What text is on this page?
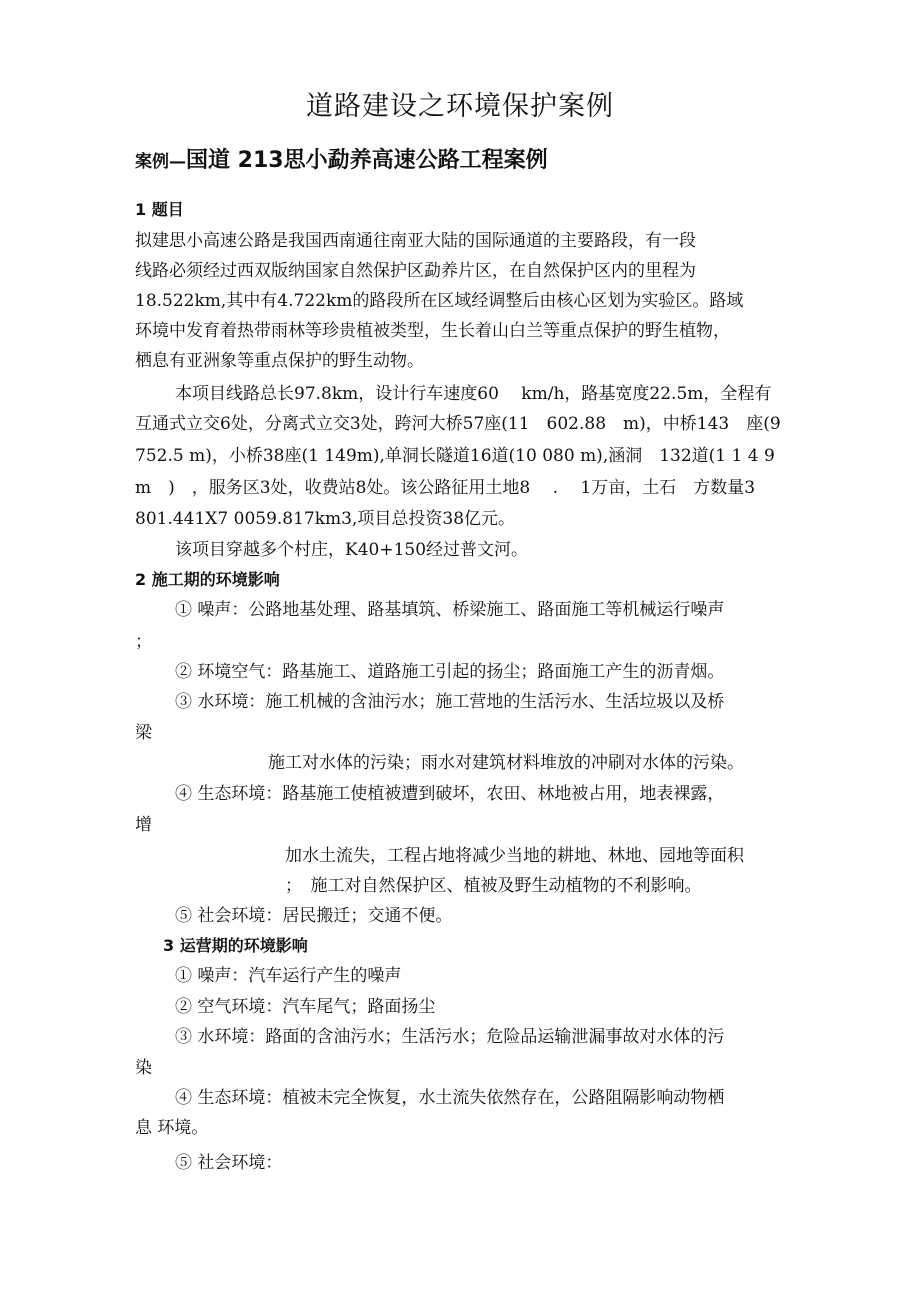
道路建设之环境保护案例
案例—国道 213思小勐养高速公路工程案例
1 题目
拟建思小高速公路是我国西南通往南亚大陆的国际通道的主要路段，有一段
线路必须经过西双版纳国家自然保护区勐养片区，在自然保护区内的里程为
18.522km,其中有4.722km的路段所在区域经调整后由核心区划为实验区。路域
环境中发育着热带雨林等珍贵植被类型，生长着山白兰等重点保护的野生植物，
栖息有亚洲象等重点保护的野生动物。
本项目线路总长97.8km，设计行车速度60　 km/h，路基宽度22.5m，全程有
互通式立交6处，分离式立交3处，跨河大桥57座(11　602.88　m)，中桥143　座(9
752.5 m)，小桥38座(1 149m),单洞长隧道16道(10 080 m),涵洞　132道(1 1 4 9
m　)　，服务区3处，收费站8处。该公路征用土地8　 .　 1万亩，土石　方数量3
801.441X7 0059.817km3,项目总投资38亿元。
该项目穿越多个村庄，K40+150经过普文河。
2 施工期的环境影响
① 噪声：公路地基处理、路基填筑、桥梁施工、路面施工等机械运行噪声
；
② 环境空气：路基施工、道路施工引起的扬尘；路面施工产生的沥青烟。
③ 水环境：施工机械的含油污水；施工营地的生活污水、生活垃圾以及桥
梁
施工对水体的污染；雨水对建筑材料堆放的冲刷对水体的污染。
④ 生态环境：路基施工使植被遭到破坏，农田、林地被占用，地表裸露，
增
加水土流失，工程占地将减少当地的耕地、林地、园地等面积
；　施工对自然保护区、植被及野生动植物的不利影响。
⑤ 社会环境：居民搬迁；交通不便。
3 运营期的环境影响
① 噪声：汽车运行产生的噪声
② 空气环境：汽车尾气；路面扬尘
③ 水环境：路面的含油污水；生活污水；危险品运输泄漏事故对水体的污
染
④ 生态环境：植被未完全恢复，水土流失依然存在，公路阻隔影响动物栖
息 环境。
⑤ 社会环境：
